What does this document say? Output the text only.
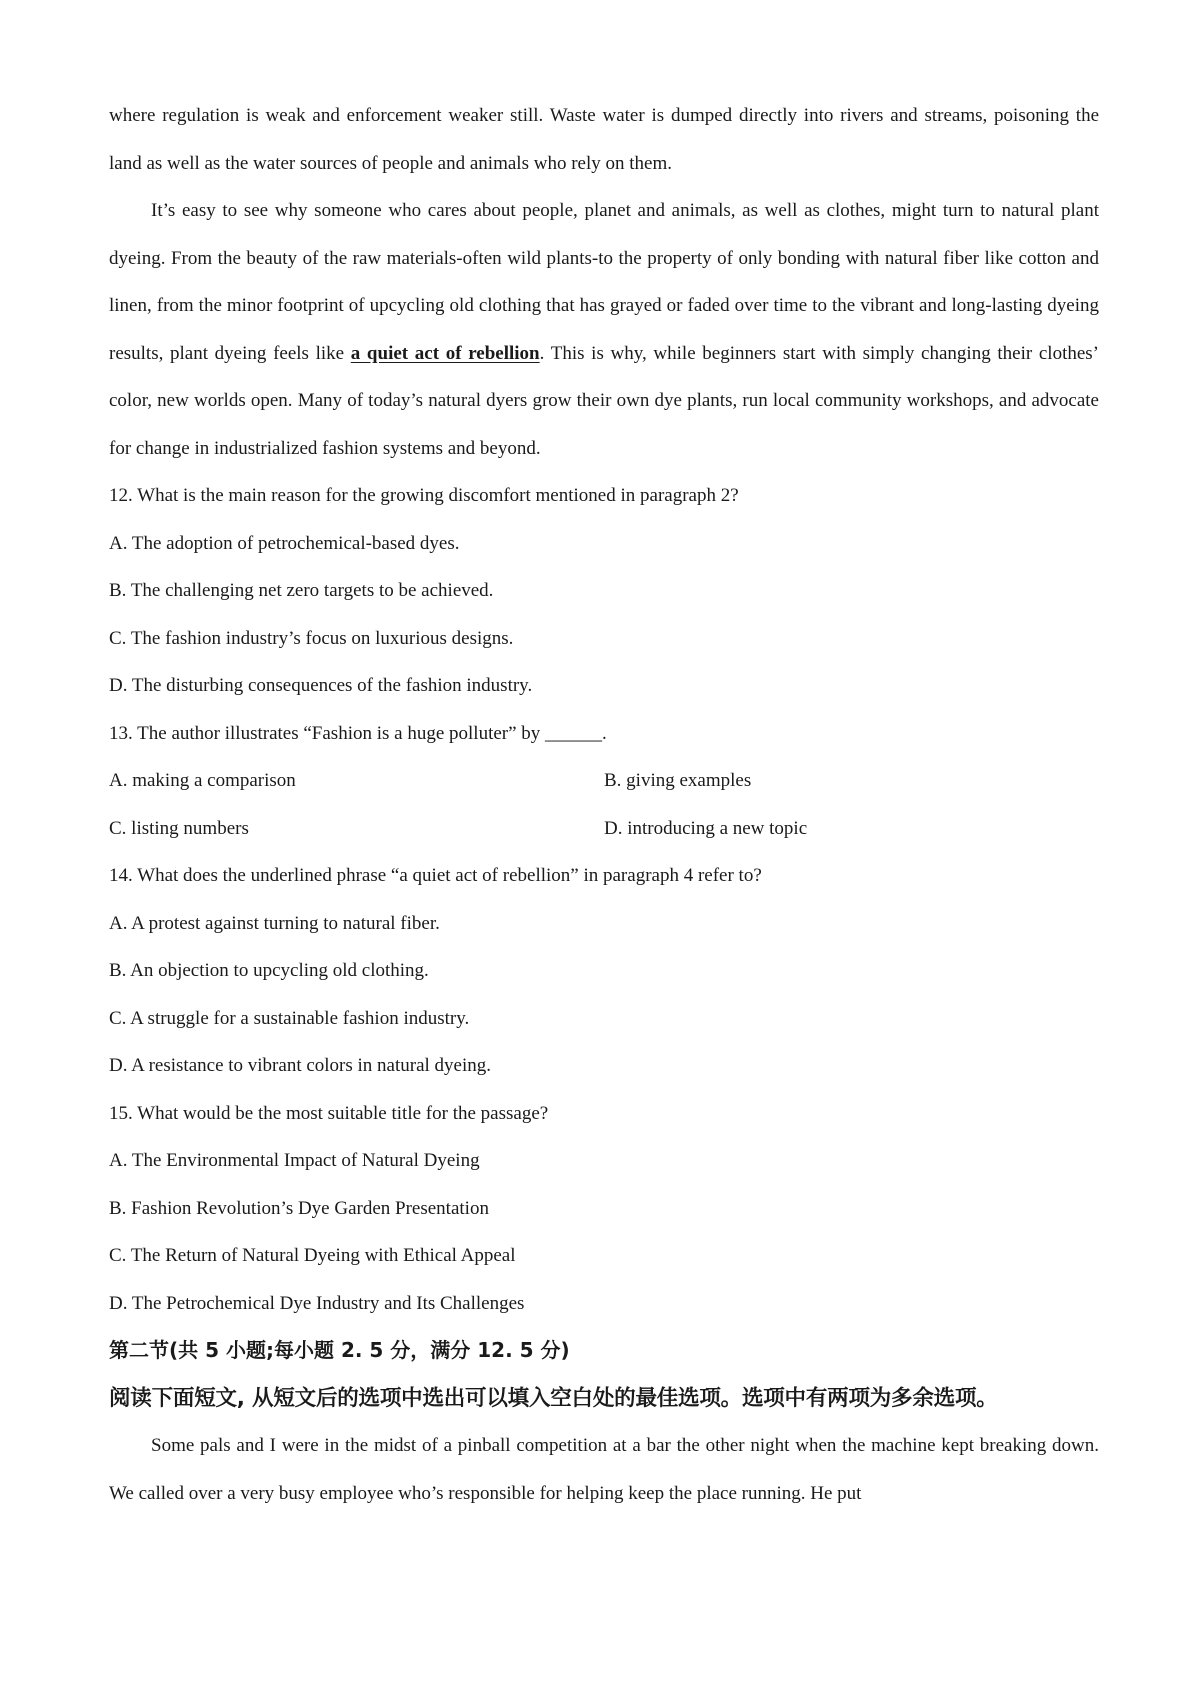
where regulation is weak and enforcement weaker still. Waste water is dumped directly into rivers and streams, poisoning the land as well as the water sources of people and animals who rely on them.

It’s easy to see why someone who cares about people, planet and animals, as well as clothes, might turn to natural plant dyeing. From the beauty of the raw materials-often wild plants-to the property of only bonding with natural fiber like cotton and linen, from the minor footprint of upcycling old clothing that has grayed or faded over time to the vibrant and long-lasting dyeing results, plant dyeing feels like a quiet act of rebellion. This is why, while beginners start with simply changing their clothes’ color, new worlds open. Many of today’s natural dyers grow their own dye plants, run local community workshops, and advocate for change in industrialized fashion systems and beyond.

12. What is the main reason for the growing discomfort mentioned in paragraph 2?
A. The adoption of petrochemical-based dyes.
B. The challenging net zero targets to be achieved.
C. The fashion industry’s focus on luxurious designs.
D. The disturbing consequences of the fashion industry.
13. The author illustrates “Fashion is a huge polluter” by ______.
A. making a comparison	B. giving examples
C. listing numbers	D. introducing a new topic
14. What does the underlined phrase “a quiet act of rebellion” in paragraph 4 refer to?
A. A protest against turning to natural fiber.
B. An objection to upcycling old clothing.
C. A struggle for a sustainable fashion industry.
D. A resistance to vibrant colors in natural dyeing.
15. What would be the most suitable title for the passage?
A. The Environmental Impact of Natural Dyeing
B. Fashion Revolution’s Dye Garden Presentation
C. The Return of Natural Dyeing with Ethical Appeal
D. The Petrochemical Dye Industry and Its Challenges
第二节(共 5 小题;每小题 2. 5 分，满分 12. 5 分)
阅读下面短文, 从短文后的选项中选出可以填入空白处的最佳选项。选项中有两项为多余选项。

Some pals and I were in the midst of a pinball competition at a bar the other night when the machine kept breaking down. We called over a very busy employee who’s responsible for helping keep the place running. He put
